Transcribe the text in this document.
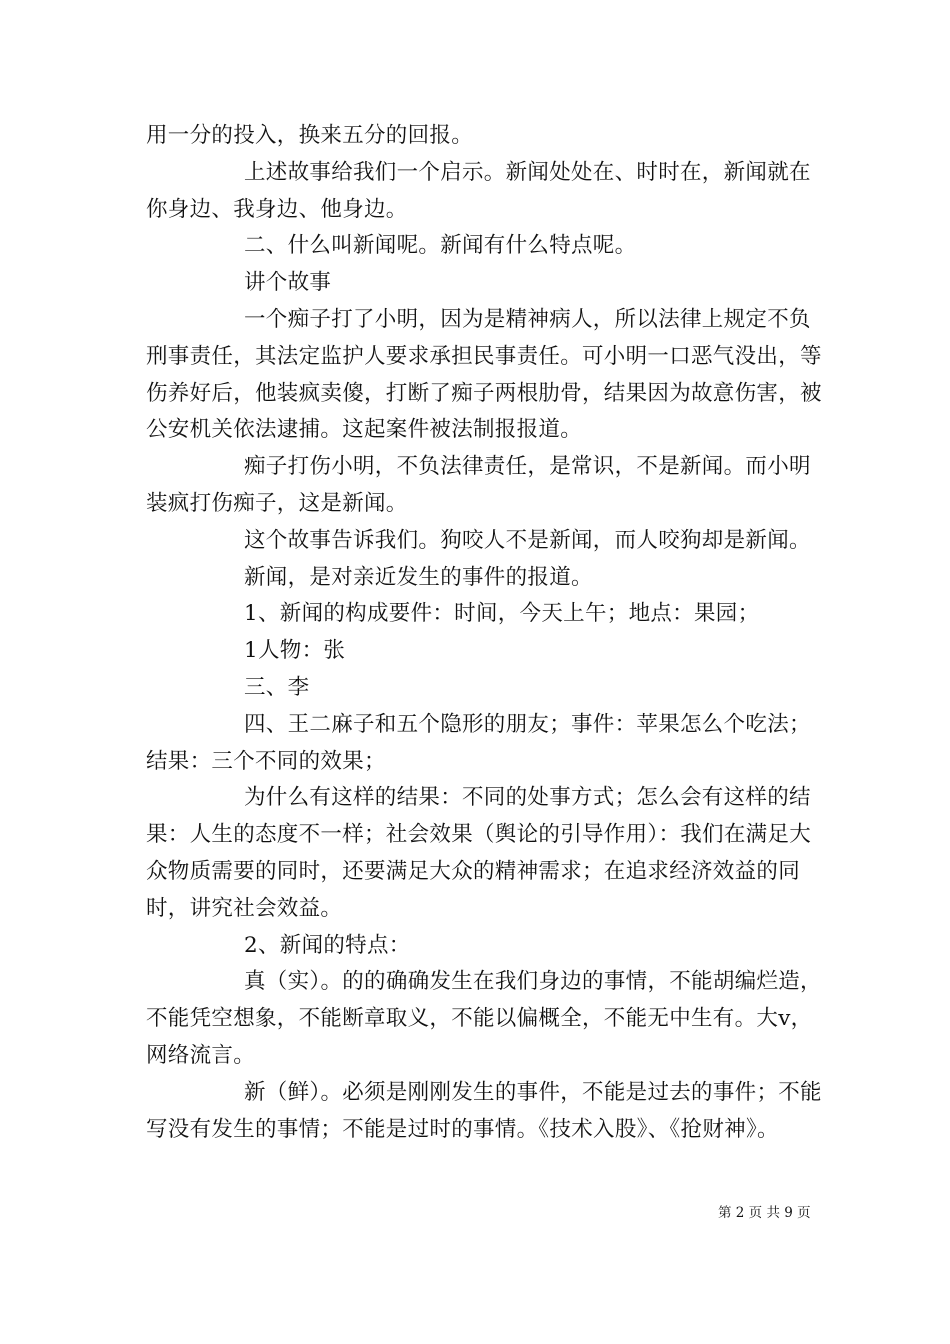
用一分的投入，换来五分的回报。

上述故事给我们一个启示。新闻处处在、时时在，新闻就在你身边、我身边、他身边。

二、什么叫新闻呢。新闻有什么特点呢。

讲个故事

一个痴子打了小明，因为是精神病人，所以法律上规定不负刑事责任，其法定监护人要求承担民事责任。可小明一口恶气没出，等伤养好后，他装疯卖傻，打断了痴子两根肋骨，结果因为故意伤害，被公安机关依法逮捕。这起案件被法制报报道。

痴子打伤小明，不负法律责任，是常识，不是新闻。而小明装疯打伤痴子，这是新闻。

这个故事告诉我们。狗咬人不是新闻，而人咬狗却是新闻。

新闻，是对亲近发生的事件的报道。

1、新闻的构成要件：时间，今天上午；地点：果园；

1人物：张

三、李

四、王二麻子和五个隐形的朋友；事件：苹果怎么个吃法；结果：三个不同的效果；

为什么有这样的结果：不同的处事方式；怎么会有这样的结果：人生的态度不一样；社会效果（舆论的引导作用）：我们在满足大众物质需要的同时，还要满足大众的精神需求；在追求经济效益的同时，讲究社会效益。

2、新闻的特点：

真（实）。的的确确发生在我们身边的事情，不能胡编烂造，不能凭空想象，不能断章取义，不能以偏概全，不能无中生有。大v，网络流言。

新（鲜）。必须是刚刚发生的事件，不能是过去的事件；不能写没有发生的事情；不能是过时的事情。《技术入股》、《抢财神》。

第 2 页 共 9 页
